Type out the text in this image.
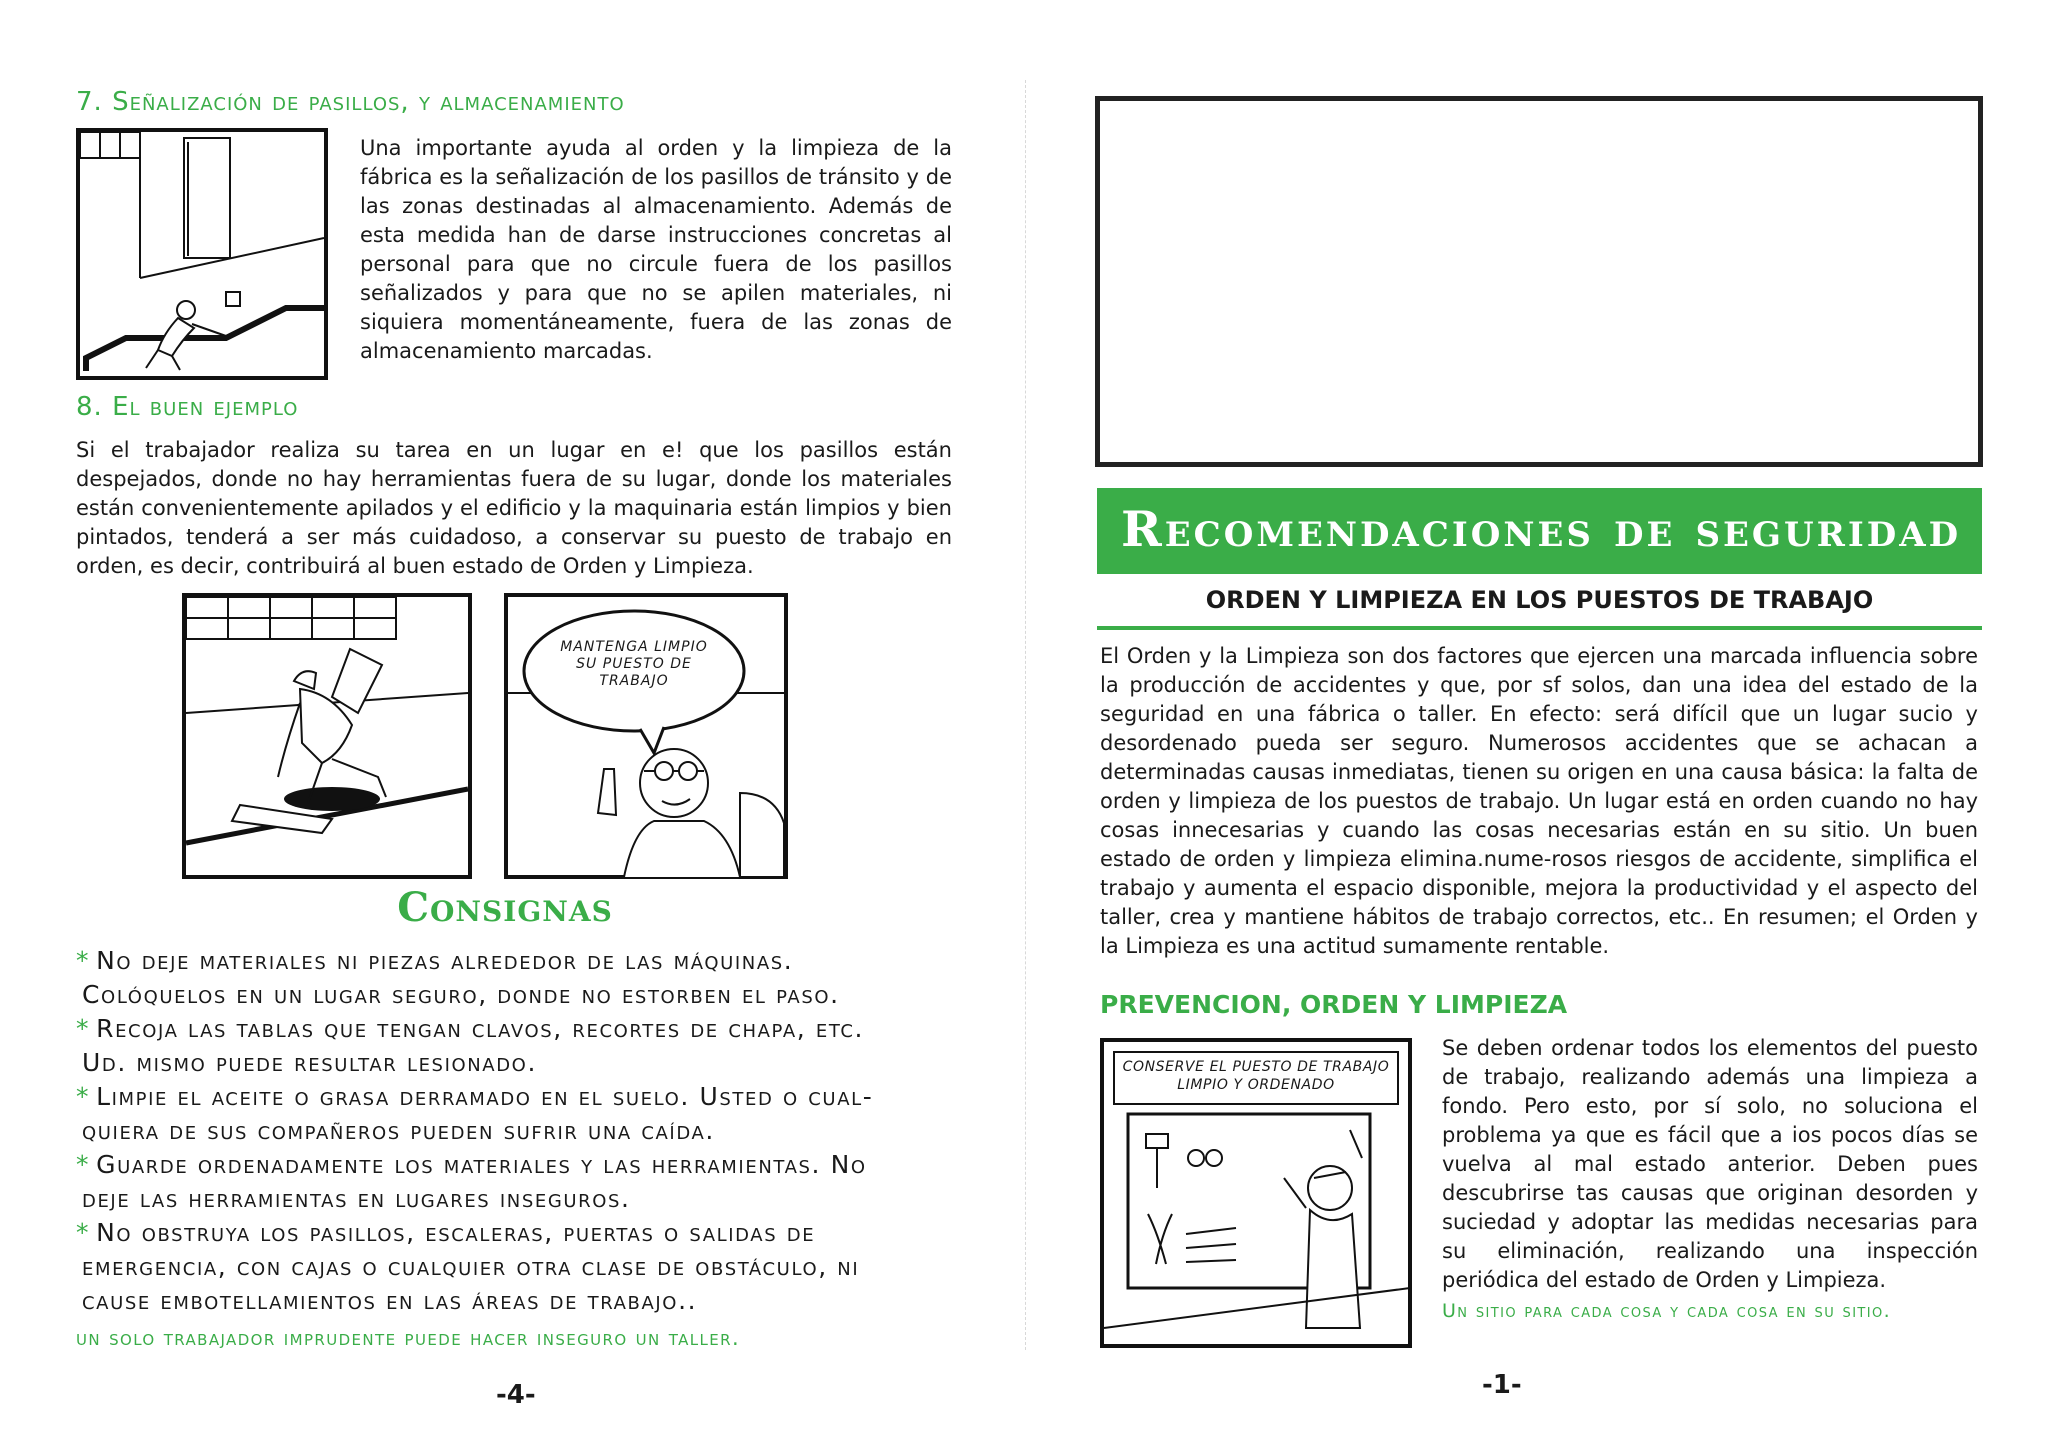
7. Señalización de pasillos, y almacenamiento
Una importante ayuda al orden y la limpieza de la fábrica es la señalización de los pasillos de tránsito y de las zonas destinadas al almacenamiento. Además de esta medida han de darse instrucciones concretas al personal para que no circule fuera de los pasillos señalizados y para que no se apilen materiales, ni siquiera momentáneamente, fuera de las zonas de almacenamiento marcadas.
8. El buen ejemplo
Si el trabajador realiza su tarea en un lugar en e! que los pasillos están despejados, donde no hay herramientas fuera de su lugar, donde los materiales están convenientemente apilados y el edificio y la maquinaria están limpios y bien pintados, tenderá a ser más cuidadoso, a conservar su puesto de trabajo en orden, es decir, contribuirá al buen estado de Orden y Limpieza.
MANTENGA LIMPIO SU PUESTO DE TRABAJO
Consignas
* No deje materiales ni piezas alrededor de las máquinas.
Colóquelos en un lugar seguro, donde no estorben el paso.
* Recoja las tablas que tengan clavos, recortes de chapa, etc.
Ud. mismo puede resultar lesionado.
* Limpie el aceite o grasa derramado en el suelo. Usted o cual-
quiera de sus compañeros pueden sufrir una caída.
* Guarde ordenadamente los materiales y las herramientas. No
deje las herramientas en lugares inseguros.
* No obstruya los pasillos, escaleras, puertas o salidas de
emergencia, con cajas o cualquier otra clase de obstáculo, ni
cause embotellamientos en las áreas de trabajo..
un solo trabajador imprudente puede hacer inseguro un taller.
-4-
Recomendaciones de seguridad
ORDEN Y LIMPIEZA EN LOS PUESTOS DE TRABAJO
El Orden y la Limpieza son dos factores que ejercen una marcada influencia sobre la producción de accidentes y que, por sf solos, dan una idea del estado de la seguridad en una fábrica o taller. En efecto: será difícil que un lugar sucio y desordenado pueda ser seguro. Numerosos accidentes que se achacan a determinadas causas inmediatas, tienen su origen en una causa básica: la falta de orden y limpieza de los puestos de trabajo. Un lugar está en orden cuando no hay cosas innecesarias y cuando las cosas necesarias están en su sitio. Un buen estado de orden y limpieza elimina.nume-rosos riesgos de accidente, simplifica el trabajo y aumenta el espacio disponible, mejora la productividad y el aspecto del taller, crea y mantiene hábitos de trabajo correctos, etc.. En resumen; el Orden y la Limpieza es una actitud sumamente rentable.
PREVENCION, ORDEN Y LIMPIEZA
CONSERVE EL PUESTO DE TRABAJO LIMPIO Y ORDENADO
Se deben ordenar todos los elementos del puesto de trabajo, realizando además una limpieza a fondo. Pero esto, por sí solo, no soluciona el problema ya que es fácil que a ios pocos días se vuelva al mal estado anterior. Deben pues descubrirse tas causas que originan desorden y suciedad y adoptar las medidas necesarias para su eliminación, realizando una inspección periódica del estado de Orden y Limpieza.
Un sitio para cada cosa y cada cosa en su sitio.
-1-
